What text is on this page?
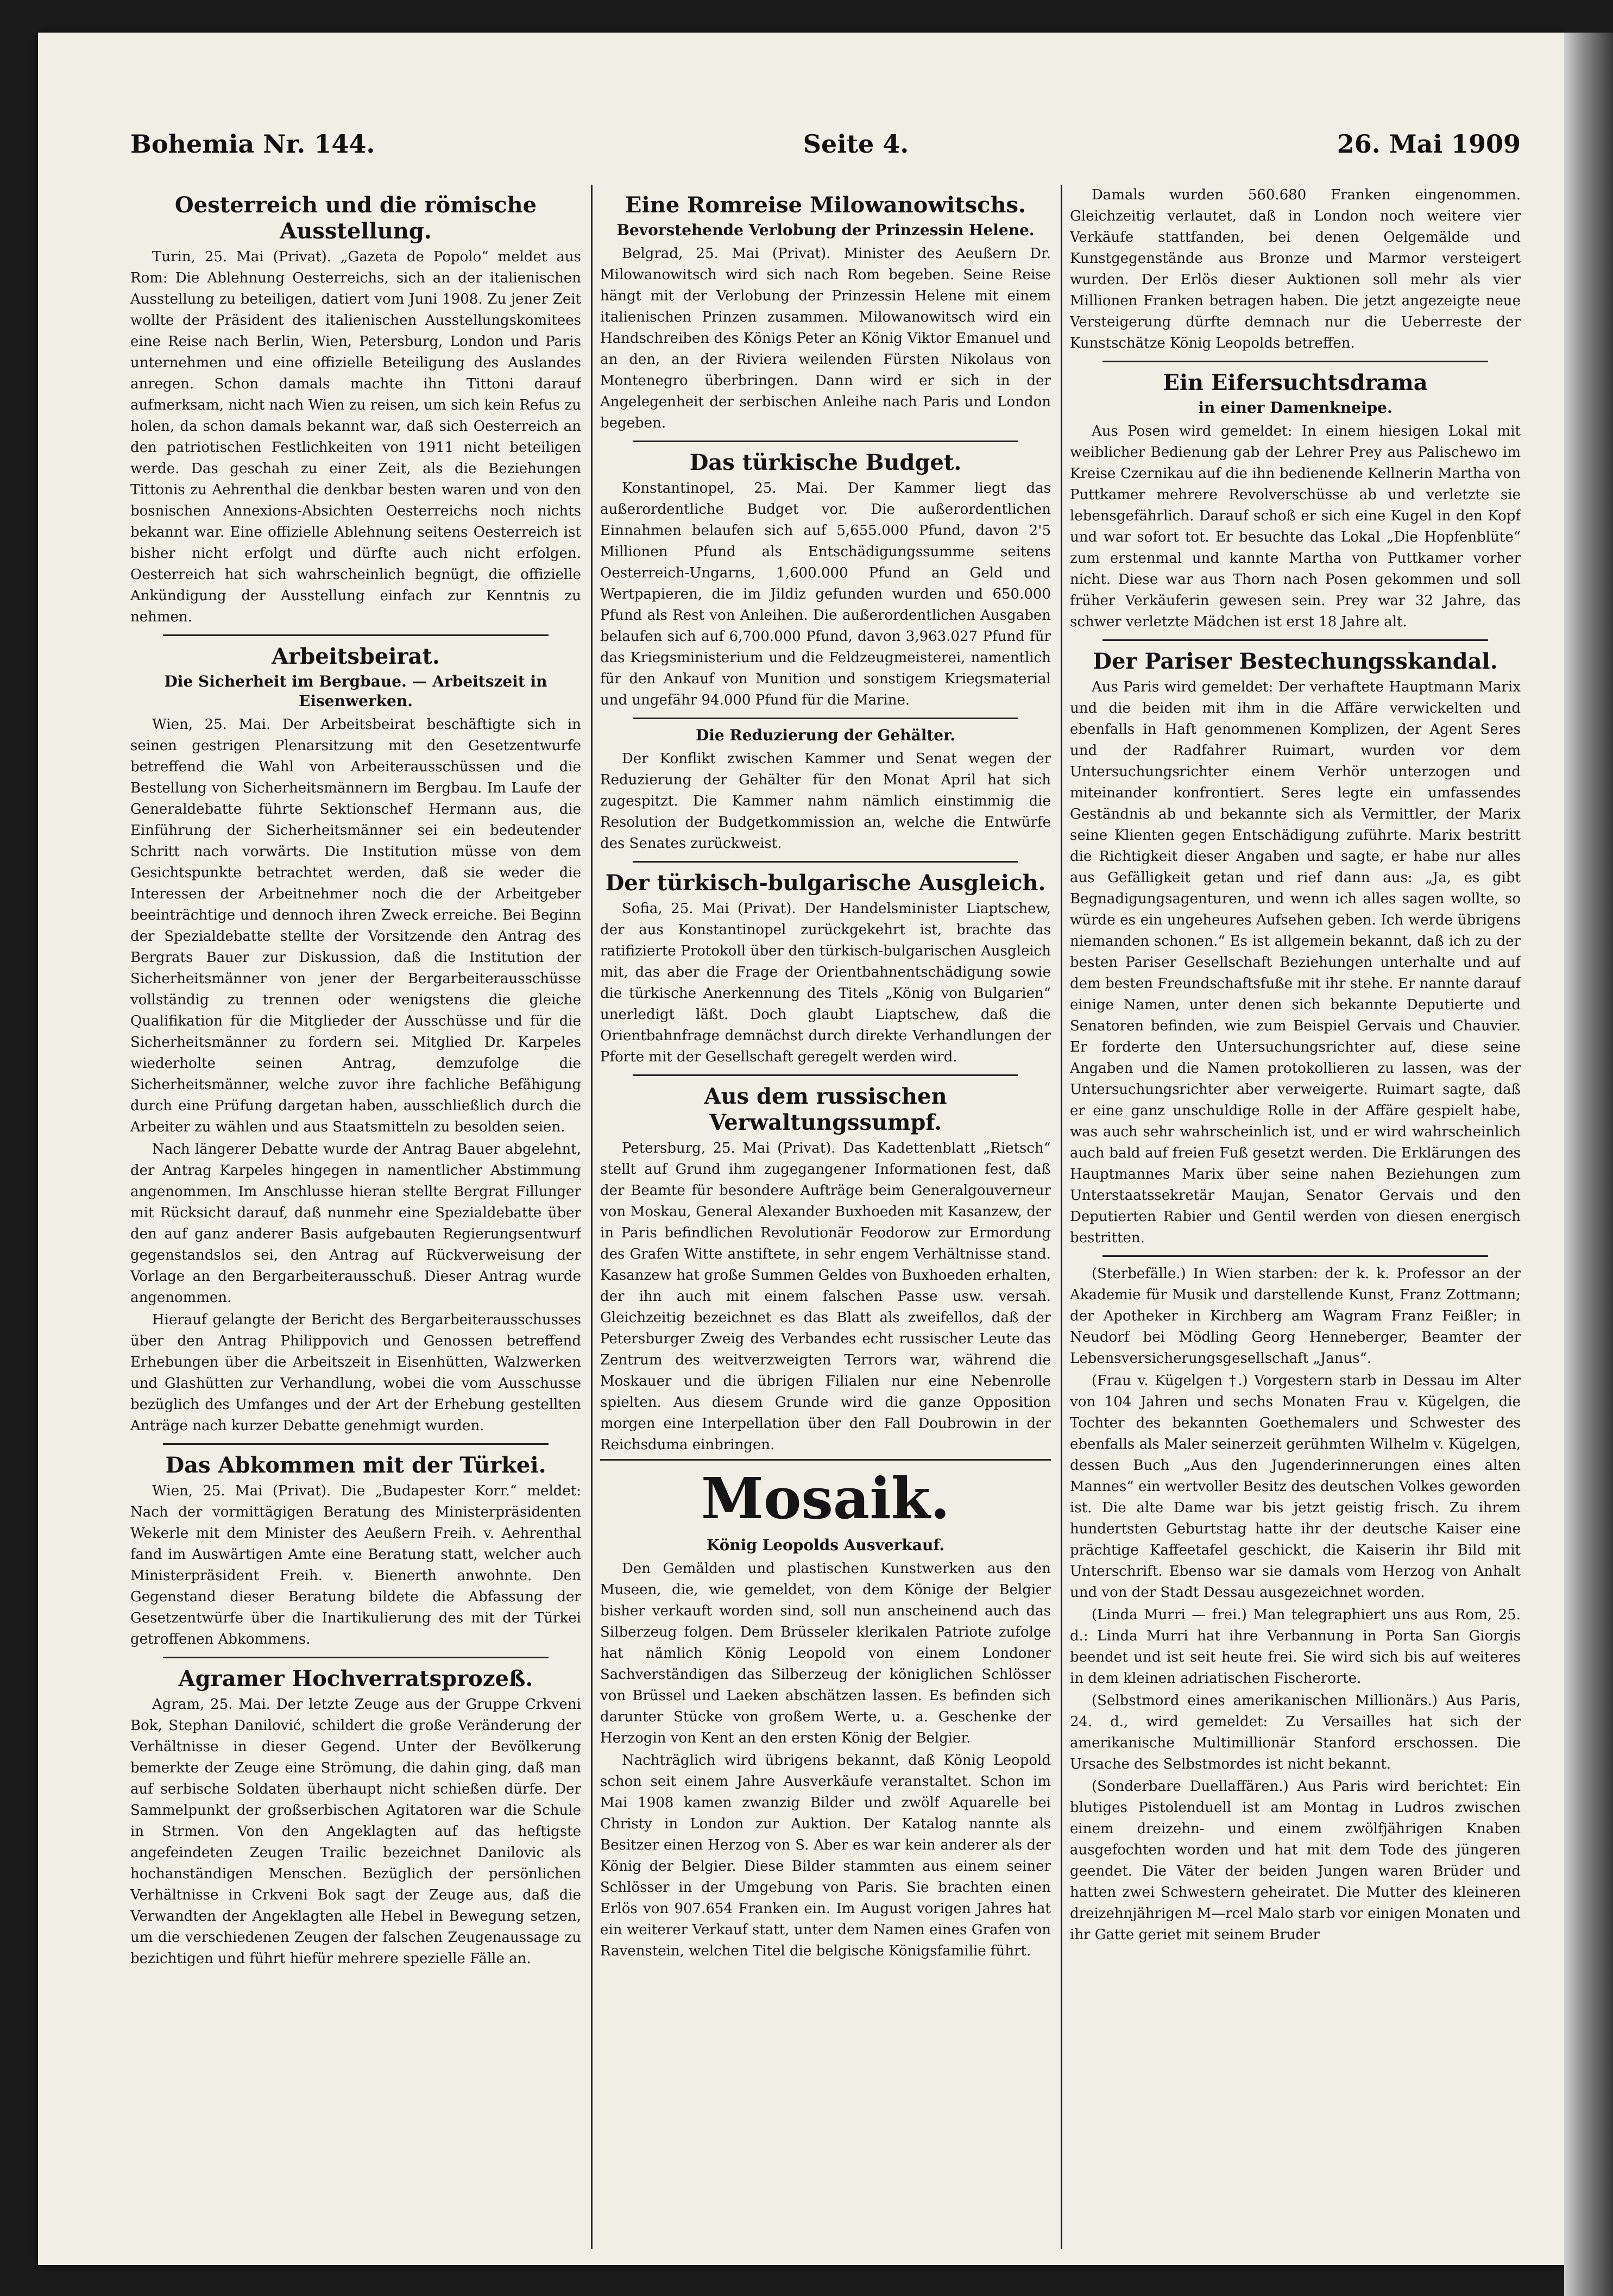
Bohemia Nr. 144.	Seite 4.	26. Mai 1909
Oesterreich und die römische Ausstellung.

Turin, 25. Mai (Privat). „Gazeta de Popolo“ meldet aus Rom: Die Ablehnung Oesterreichs, sich an der italienischen Ausstellung zu beteiligen, datiert vom Juni 1908. Zu jener Zeit wollte der Präsident des italienischen Ausstellungskomitees eine Reise nach Berlin, Wien, Petersburg, London und Paris unternehmen und eine offizielle Beteiligung des Auslandes anregen. Schon damals machte ihn Tittoni darauf aufmerksam, nicht nach Wien zu reisen, um sich kein Refus zu holen, da schon damals bekannt war, daß sich Oesterreich an den patriotischen Festlichkeiten von 1911 nicht beteiligen werde. Das geschah zu einer Zeit, als die Beziehungen Tittonis zu Aehrenthal die denkbar besten waren und von den bosnischen Annexions-Absichten Oesterreichs noch nichts bekannt war. Eine offizielle Ablehnung seitens Oesterreich ist bisher nicht erfolgt und dürfte auch nicht erfolgen. Oesterreich hat sich wahrscheinlich begnügt, die offizielle Ankündigung der Ausstellung einfach zur Kenntnis zu nehmen.

Arbeitsbeirat.
Die Sicherheit im Bergbaue. — Arbeitszeit in Eisenwerken.

Wien, 25. Mai. Der Arbeitsbeirat beschäftigte sich in seinen gestrigen Plenarsitzung mit den Gesetzentwurfe betreffend die Wahl von Arbeiterausschüssen und die Bestellung von Sicherheitsmännern im Bergbau. Im Laufe der Generaldebatte führte Sektionschef Hermann aus, die Einführung der Sicherheitsmänner sei ein bedeutender Schritt nach vorwärts. Die Institution müsse von dem Gesichtspunkte betrachtet werden, daß sie weder die Interessen der Arbeitnehmer noch die der Arbeitgeber beeinträchtige und dennoch ihren Zweck erreiche. Bei Beginn der Spezialdebatte stellte der Vorsitzende den Antrag des Bergrats Bauer zur Diskussion, daß die Institution der Sicherheitsmänner von jener der Bergarbeiterausschüsse vollständig zu trennen oder wenigstens die gleiche Qualifikation für die Mitglieder der Ausschüsse und für die Sicherheitsmänner zu fordern sei. Mitglied Dr. Karpeles wiederholte seinen Antrag, demzufolge die Sicherheitsmänner, welche zuvor ihre fachliche Befähigung durch eine Prüfung dargetan haben, ausschließlich durch die Arbeiter zu wählen und aus Staatsmitteln zu besolden seien.

Nach längerer Debatte wurde der Antrag Bauer abgelehnt, der Antrag Karpeles hingegen in namentlicher Abstimmung angenommen. Im Anschlusse hieran stellte Bergrat Fillunger mit Rücksicht darauf, daß nunmehr eine Spezialdebatte über den auf ganz anderer Basis aufgebauten Regierungsentwurf gegenstandslos sei, den Antrag auf Rückverweisung der Vorlage an den Bergarbeiterausschuß. Dieser Antrag wurde angenommen.

Hierauf gelangte der Bericht des Bergarbeiterausschusses über den Antrag Philippovich und Genossen betreffend Erhebungen über die Arbeitszeit in Eisenhütten, Walzwerken und Glashütten zur Verhandlung, wobei die vom Ausschusse bezüglich des Umfanges und der Art der Erhebung gestellten Anträge nach kurzer Debatte genehmigt wurden.

Das Abkommen mit der Türkei.

Wien, 25. Mai (Privat). Die „Budapester Korr.“ meldet: Nach der vormittägigen Beratung des Ministerpräsidenten Wekerle mit dem Minister des Aeußern Freih. v. Aehrenthal fand im Auswärtigen Amte eine Beratung statt, welcher auch Ministerpräsident Freih. v. Bienerth anwohnte. Den Gegenstand dieser Beratung bildete die Abfassung der Gesetzentwürfe über die Inartikulierung des mit der Türkei getroffenen Abkommens.

Agramer Hochverratsprozeß.

Agram, 25. Mai. Der letzte Zeuge aus der Gruppe Crkveni Bok, Stephan Danilović, schildert die große Veränderung der Verhältnisse in dieser Gegend. Unter der Bevölkerung bemerkte der Zeuge eine Strömung, die dahin ging, daß man auf serbische Soldaten überhaupt nicht schießen dürfe. Der Sammelpunkt der großserbischen Agitatoren war die Schule in Strmen. Von den Angeklagten auf das heftigste angefeindeten Zeugen Trailic bezeichnet Danilovic als hochanständigen Menschen. Bezüglich der persönlichen Verhältnisse in Crkveni Bok sagt der Zeuge aus, daß die Verwandten der Angeklagten alle Hebel in Bewegung setzen, um die verschiedenen Zeugen der falschen Zeugenaussage zu bezichtigen und führt hiefür mehrere spezielle Fälle an.

Eine Romreise Milowanowitschs.
Bevorstehende Verlobung der Prinzessin Helene.

Belgrad, 25. Mai (Privat). Minister des Aeußern Dr. Milowanowitsch wird sich nach Rom begeben. Seine Reise hängt mit der Verlobung der Prinzessin Helene mit einem italienischen Prinzen zusammen. Milowanowitsch wird ein Handschreiben des Königs Peter an König Viktor Emanuel und an den, an der Riviera weilenden Fürsten Nikolaus von Montenegro überbringen. Dann wird er sich in der Angelegenheit der serbischen Anleihe nach Paris und London begeben.

Das türkische Budget.

Konstantinopel, 25. Mai. Der Kammer liegt das außerordentliche Budget vor. Die außerordentlichen Einnahmen belaufen sich auf 5,655.000 Pfund, davon 2'5 Millionen Pfund als Entschädigungssumme seitens Oesterreich-Ungarns, 1,600.000 Pfund an Geld und Wertpapieren, die im Jildiz gefunden wurden und 650.000 Pfund als Rest von Anleihen. Die außerordentlichen Ausgaben belaufen sich auf 6,700.000 Pfund, davon 3,963.027 Pfund für das Kriegsministerium und die Feldzeugmeisterei, namentlich für den Ankauf von Munition und sonstigem Kriegsmaterial und ungefähr 94.000 Pfund für die Marine.

Die Reduzierung der Gehälter.

Der Konflikt zwischen Kammer und Senat wegen der Reduzierung der Gehälter für den Monat April hat sich zugespitzt. Die Kammer nahm nämlich einstimmig die Resolution der Budgetkommission an, welche die Entwürfe des Senates zurückweist.

Der türkisch-bulgarische Ausgleich.

Sofia, 25. Mai (Privat). Der Handelsminister Liaptschew, der aus Konstantinopel zurückgekehrt ist, brachte das ratifizierte Protokoll über den türkisch-bulgarischen Ausgleich mit, das aber die Frage der Orientbahnentschädigung sowie die türkische Anerkennung des Titels „König von Bulgarien“ unerledigt läßt. Doch glaubt Liaptschew, daß die Orientbahnfrage demnächst durch direkte Verhandlungen der Pforte mit der Gesellschaft geregelt werden wird.

Aus dem russischen Verwaltungssumpf.

Petersburg, 25. Mai (Privat). Das Kadettenblatt „Rietsch“ stellt auf Grund ihm zugegangener Informationen fest, daß der Beamte für besondere Aufträge beim Generalgouverneur von Moskau, General Alexander Buxhoeden mit Kasanzew, der in Paris befindlichen Revolutionär Feodorow zur Ermordung des Grafen Witte anstiftete, in sehr engem Verhältnisse stand. Kasanzew hat große Summen Geldes von Buxhoeden erhalten, der ihn auch mit einem falschen Passe usw. versah. Gleichzeitig bezeichnet es das Blatt als zweifellos, daß der Petersburger Zweig des Verbandes echt russischer Leute das Zentrum des weitverzweigten Terrors war, während die Moskauer und die übrigen Filialen nur eine Nebenrolle spielten. Aus diesem Grunde wird die ganze Opposition morgen eine Interpellation über den Fall Doubrowin in der Reichsduma einbringen.

Mosaik.
König Leopolds Ausverkauf.

Den Gemälden und plastischen Kunstwerken aus den Museen, die, wie gemeldet, von dem Könige der Belgier bisher verkauft worden sind, soll nun anscheinend auch das Silberzeug folgen. Dem Brüsseler klerikalen Patriote zufolge hat nämlich König Leopold von einem Londoner Sachverständigen das Silberzeug der königlichen Schlösser von Brüssel und Laeken abschätzen lassen. Es befinden sich darunter Stücke von großem Werte, u. a. Geschenke der Herzogin von Kent an den ersten König der Belgier.

Nachträglich wird übrigens bekannt, daß König Leopold schon seit einem Jahre Ausverkäufe veranstaltet. Schon im Mai 1908 kamen zwanzig Bilder und zwölf Aquarelle bei Christy in London zur Auktion. Der Katalog nannte als Besitzer einen Herzog von S. Aber es war kein anderer als der König der Belgier. Diese Bilder stammten aus einem seiner Schlösser in der Umgebung von Paris. Sie brachten einen Erlös von 907.654 Franken ein. Im August vorigen Jahres hat ein weiterer Verkauf statt, unter dem Namen eines Grafen von Ravenstein, welchen Titel die belgische Königsfamilie führt.

Damals wurden 560.680 Franken eingenommen. Gleichzeitig verlautet, daß in London noch weitere vier Verkäufe stattfanden, bei denen Oelgemälde und Kunstgegenstände aus Bronze und Marmor versteigert wurden. Der Erlös dieser Auktionen soll mehr als vier Millionen Franken betragen haben. Die jetzt angezeigte neue Versteigerung dürfte demnach nur die Ueberreste der Kunstschätze König Leopolds betreffen.

Ein Eifersuchtsdrama
in einer Damenkneipe.

Aus Posen wird gemeldet: In einem hiesigen Lokal mit weiblicher Bedienung gab der Lehrer Prey aus Palischewo im Kreise Czernikau auf die ihn bedienende Kellnerin Martha von Puttkamer mehrere Revolverschüsse ab und verletzte sie lebensgefährlich. Darauf schoß er sich eine Kugel in den Kopf und war sofort tot. Er besuchte das Lokal „Die Hopfenblüte“ zum erstenmal und kannte Martha von Puttkamer vorher nicht. Diese war aus Thorn nach Posen gekommen und soll früher Verkäuferin gewesen sein. Prey war 32 Jahre, das schwer verletzte Mädchen ist erst 18 Jahre alt.

Der Pariser Bestechungsskandal.

Aus Paris wird gemeldet: Der verhaftete Hauptmann Marix und die beiden mit ihm in die Affäre verwickelten und ebenfalls in Haft genommenen Komplizen, der Agent Seres und der Radfahrer Ruimart, wurden vor dem Untersuchungsrichter einem Verhör unterzogen und miteinander konfrontiert. Seres legte ein umfassendes Geständnis ab und bekannte sich als Vermittler, der Marix seine Klienten gegen Entschädigung zuführte. Marix bestritt die Richtigkeit dieser Angaben und sagte, er habe nur alles aus Gefälligkeit getan und rief dann aus: „Ja, es gibt Begnadigungsagenturen, und wenn ich alles sagen wollte, so würde es ein ungeheures Aufsehen geben. Ich werde übrigens niemanden schonen.“ Es ist allgemein bekannt, daß ich zu der besten Pariser Gesellschaft Beziehungen unterhalte und auf dem besten Freundschaftsfuße mit ihr stehe. Er nannte darauf einige Namen, unter denen sich bekannte Deputierte und Senatoren befinden, wie zum Beispiel Gervais und Chauvier. Er forderte den Untersuchungsrichter auf, diese seine Angaben und die Namen protokollieren zu lassen, was der Untersuchungsrichter aber verweigerte. Ruimart sagte, daß er eine ganz unschuldige Rolle in der Affäre gespielt habe, was auch sehr wahrscheinlich ist, und er wird wahrscheinlich auch bald auf freien Fuß gesetzt werden. Die Erklärungen des Hauptmannes Marix über seine nahen Beziehungen zum Unterstaatssekretär Maujan, Senator Gervais und den Deputierten Rabier und Gentil werden von diesen energisch bestritten.

(Sterbefälle.) In Wien starben: der k. k. Professor an der Akademie für Musik und darstellende Kunst, Franz Zottmann; der Apotheker in Kirchberg am Wagram Franz Feißler; in Neudorf bei Mödling Georg Henneberger, Beamter der Lebensversicherungsgesellschaft „Janus“.

(Frau v. Kügelgen †.) Vorgestern starb in Dessau im Alter von 104 Jahren und sechs Monaten Frau v. Kügelgen, die Tochter des bekannten Goethemalers und Schwester des ebenfalls als Maler seinerzeit gerühmten Wilhelm v. Kügelgen, dessen Buch „Aus den Jugenderinnerungen eines alten Mannes“ ein wertvoller Besitz des deutschen Volkes geworden ist. Die alte Dame war bis jetzt geistig frisch. Zu ihrem hundertsten Geburtstag hatte ihr der deutsche Kaiser eine prächtige Kaffeetafel geschickt, die Kaiserin ihr Bild mit Unterschrift. Ebenso war sie damals vom Herzog von Anhalt und von der Stadt Dessau ausgezeichnet worden.

(Linda Murri — frei.) Man telegraphiert uns aus Rom, 25. d.: Linda Murri hat ihre Verbannung in Porta San Giorgis beendet und ist seit heute frei. Sie wird sich bis auf weiteres in dem kleinen adriatischen Fischerorte.

(Selbstmord eines amerikanischen Millionärs.) Aus Paris, 24. d., wird gemeldet: Zu Versailles hat sich der amerikanische Multimillionär Stanford erschossen. Die Ursache des Selbstmordes ist nicht bekannt.

(Sonderbare Duellaffären.) Aus Paris wird berichtet: Ein blutiges Pistolenduell ist am Montag in Ludros zwischen einem dreizehn- und einem zwölfjährigen Knaben ausgefochten worden und hat mit dem Tode des jüngeren geendet. Die Väter der beiden Jungen waren Brüder und hatten zwei Schwestern geheiratet. Die Mutter des kleineren dreizehnjährigen M—rcel Malo starb vor einigen Monaten und ihr Gatte geriet mit seinem Bruder
